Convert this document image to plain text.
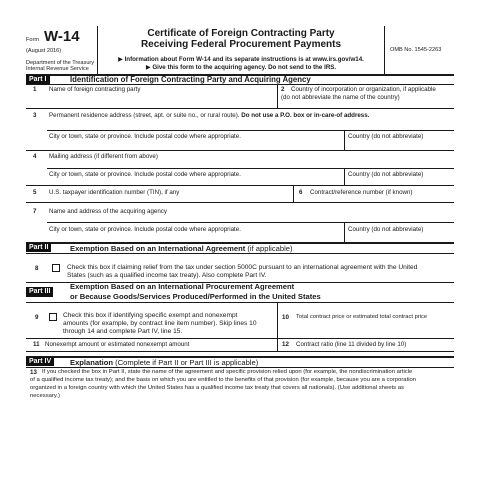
Form W-14
(August 2016)
Department of the Treasury
Internal Revenue Service
Certificate of Foreign Contracting Party
Receiving Federal Procurement Payments
▶ Information about Form W-14 and its separate instructions is at www.irs.gov/w14.
▶ Give this form to the acquiring agency. Do not send to the IRS.
OMB No. 1545-2263
Part I	Identification of Foreign Contracting Party and Acquiring Agency
1 Name of foreign contracting party	2 Country of incorporation or organization, if applicable
(do not abbreviate the name of the country)
3 Permanent residence address (street, apt. or suite no., or rural route). Do not use a P.O. box or in-care-of address.
City or town, state or province. Include postal code where appropriate.	Country (do not abbreviate)
4 Mailing address (if different from above)
City or town, state or province. Include postal code where appropriate.	Country (do not abbreviate)
5 U.S. taxpayer identification number (TIN), if any	6 Contract/reference number (if known)
7 Name and address of the acquiring agency
City or town, state or province. Include postal code where appropriate.	Country (do not abbreviate)
Part II	Exemption Based on an International Agreement (if applicable)
8	Check this box if claiming relief from the tax under section 5000C pursuant to an international agreement with the United
States (such as a qualified income tax treaty). Also complete Part IV.
Part III
Exemption Based on an International Procurement Agreement
or Because Goods/Services Produced/Performed in the United States
9	Check this box if identifying specific exempt and nonexempt
amounts (for example, by contract line item number). Skip lines 10
through 14 and complete Part IV, line 15.
10 Total contract price or estimated total contract price
11 Nonexempt amount or estimated nonexempt amount	12 Contract ratio (line 11 divided by line 10)
Part IV	Explanation (Complete if Part II or Part III is applicable)
13 If you checked the box in Part II, state the name of the agreement and specific provision relied upon (for example, the nondiscrimination article
of a qualified income tax treaty); and the basis on which you are entitled to the benefits of that provision (for example, because you are a corporation
organized in a foreign country with which the United States has a qualified income tax treaty that covers all nationals). (Use additional sheets as
necessary.)
